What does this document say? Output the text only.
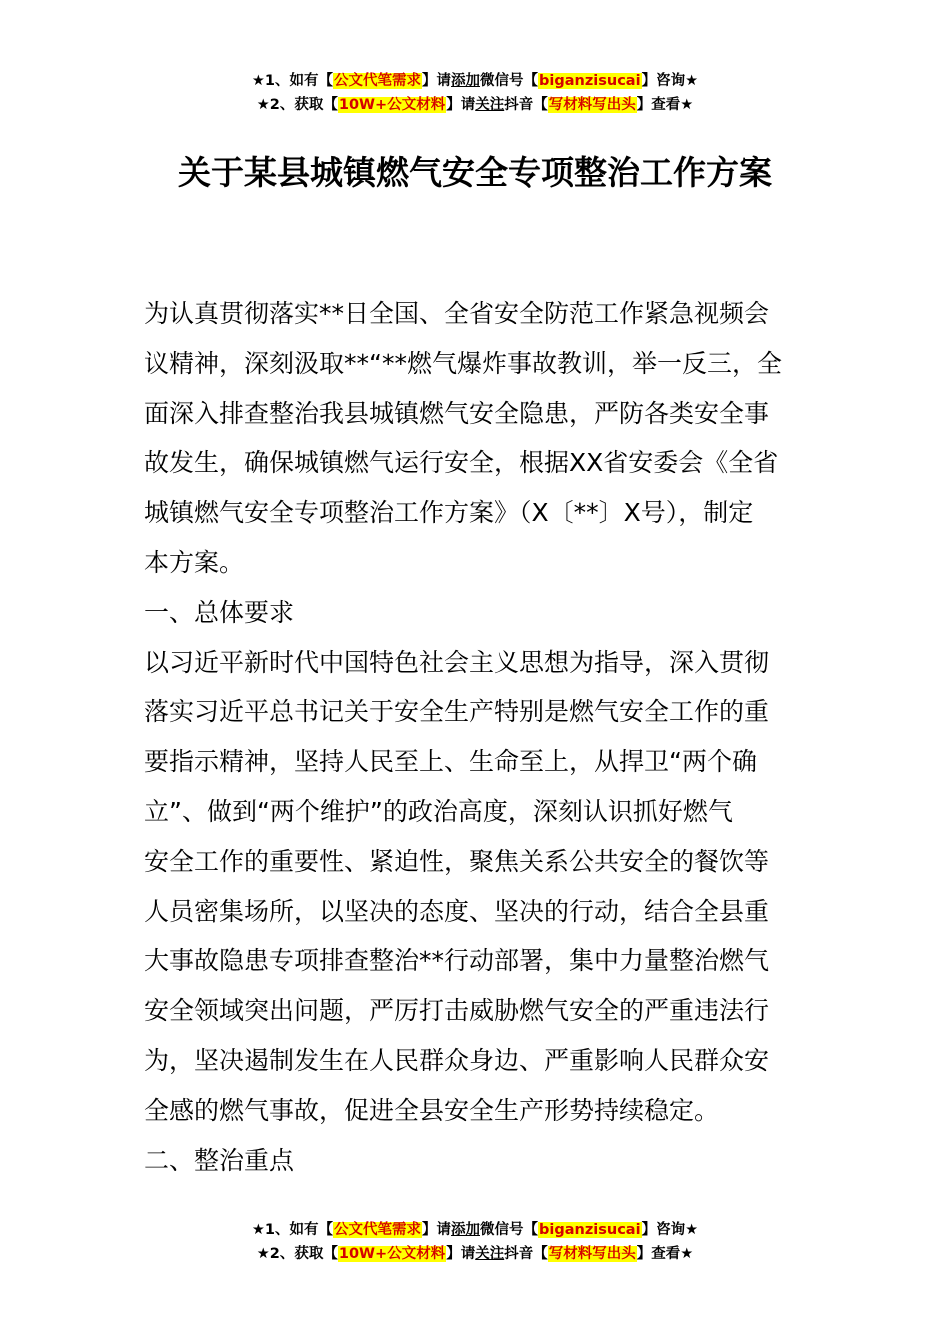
★1、如有【公文代笔需求】请添加微信号【biganzisucai】咨询★
★2、获取【10W+公文材料】请关注抖音【写材料写出头】查看★
关于某县城镇燃气安全专项整治工作方案
为认真贯彻落实**日全国、全省安全防范工作紧急视频会
议精神，深刻汲取**“**燃气爆炸事故教训，举一反三，全
面深入排查整治我县城镇燃气安全隐患，严防各类安全事
故发生，确保城镇燃气运行安全，根据XX省安委会《全省
城镇燃气安全专项整治工作方案》（X〔**〕X号），制定
本方案。
一、总体要求
以习近平新时代中国特色社会主义思想为指导，深入贯彻
落实习近平总书记关于安全生产特别是燃气安全工作的重
要指示精神，坚持人民至上、生命至上，从捍卫“两个确
立”、做到“两个维护”的政治高度，深刻认识抓好燃气
安全工作的重要性、紧迫性，聚焦关系公共安全的餐饮等
人员密集场所，以坚决的态度、坚决的行动，结合全县重
大事故隐患专项排查整治**行动部署，集中力量整治燃气
安全领域突出问题，严厉打击威胁燃气安全的严重违法行
为，坚决遏制发生在人民群众身边、严重影响人民群众安
全感的燃气事故，促进全县安全生产形势持续稳定。
二、整治重点
★1、如有【公文代笔需求】请添加微信号【biganzisucai】咨询★
★2、获取【10W+公文材料】请关注抖音【写材料写出头】查看★
